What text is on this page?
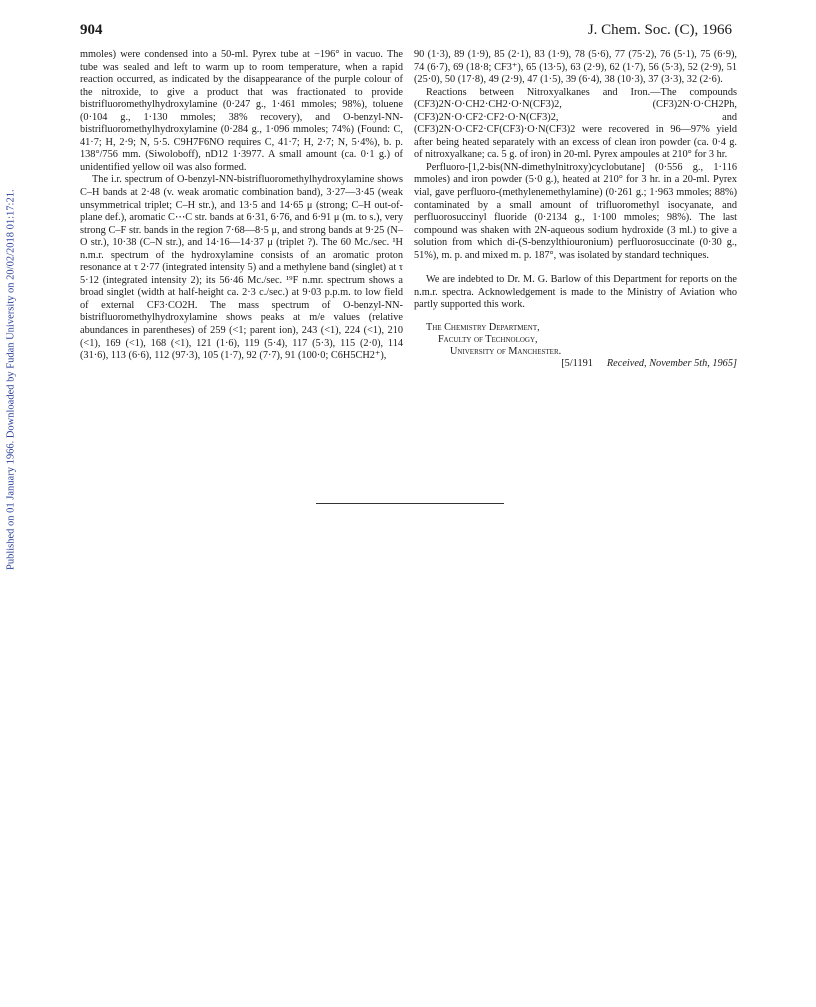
Published on 01 January 1966. Downloaded by Fudan University on 20/02/2018 01:17:21.
904	J. Chem. Soc. (C), 1966

mmoles) were condensed into a 50-ml. Pyrex tube at −196° in vacuo. The tube was sealed and left to warm up to room temperature, when a rapid reaction occurred, as indicated by the disappearance of the purple colour of the nitroxide, to give a product that was fractionated to provide bistrifluoromethylhydroxylamine (0·247 g., 1·461 mmoles; 98%), toluene (0·104 g., 1·130 mmoles; 38% recovery), and O-benzyl-NN-bistrifluoromethylhydroxylamine (0·284 g., 1·096 mmoles; 74%) (Found: C, 41·7; H, 2·9; N, 5·5. C9H7F6NO requires C, 41·7; H, 2·7; N, 5·4%), b. p. 138°/756 mm. (Siwoloboff), nD12 1·3977. A small amount (ca. 0·1 g.) of unidentified yellow oil was also formed.

The i.r. spectrum of O-benzyl-NN-bistrifluoromethylhydroxylamine shows C–H bands at 2·48 (v. weak aromatic combination band), 3·27—3·45 (weak unsymmetrical triplet; C–H str.), and 13·5 and 14·65 μ (strong; C–H out-of-plane def.), aromatic C⋯C str. bands at 6·31, 6·76, and 6·91 μ (m. to s.), very strong C–F str. bands in the region 7·68—8·5 μ, and strong bands at 9·25 (N–O str.), 10·38 (C–N str.), and 14·16—14·37 μ (triplet ?). The 60 Mc./sec. ¹H n.m.r. spectrum of the hydroxylamine consists of an aromatic proton resonance at τ 2·77 (integrated intensity 5) and a methylene band (singlet) at τ 5·12 (integrated intensity 2); its 56·46 Mc./sec. ¹⁹F n.mr. spectrum shows a broad singlet (width at half-height ca. 2·3 c./sec.) at 9·03 p.p.m. to low field of external CF3·CO2H. The mass spectrum of O-benzyl-NN-bistrifluoromethylhydroxylamine shows peaks at m/e values (relative abundances in parentheses) of 259 (<1; parent ion), 243 (<1), 224 (<1), 210 (<1), 169 (<1), 168 (<1), 121 (1·6), 119 (5·4), 117 (5·3), 115 (2·0), 114 (31·6), 113 (6·6), 112 (97·3), 105 (1·7), 92 (7·7), 91 (100·0; C6H5CH2⁺),

90 (1·3), 89 (1·9), 85 (2·1), 83 (1·9), 78 (5·6), 77 (75·2), 76 (5·1), 75 (6·9), 74 (6·7), 69 (18·8; CF3⁺), 65 (13·5), 63 (2·9), 62 (1·7), 56 (5·3), 52 (2·9), 51 (25·0), 50 (17·8), 49 (2·9), 47 (1·5), 39 (6·4), 38 (10·3), 37 (3·3), 32 (2·6).

Reactions between Nitroxyalkanes and Iron.—The compounds (CF3)2N·O·CH2·CH2·O·N(CF3)2, (CF3)2N·O·CH2Ph, (CF3)2N·O·CF2·CF2·O·N(CF3)2, and (CF3)2N·O·CF2·CF(CF3)·O·N(CF3)2 were recovered in 96—97% yield after being heated separately with an excess of clean iron powder (ca. 0·4 g. of nitroxyalkane; ca. 5 g. of iron) in 20-ml. Pyrex ampoules at 210° for 3 hr.

Perfluoro-[1,2-bis(NN-dimethylnitroxy)cyclobutane] (0·556 g., 1·116 mmoles) and iron powder (5·0 g.), heated at 210° for 3 hr. in a 20-ml. Pyrex vial, gave perfluoro-(methylenemethylamine) (0·261 g.; 1·963 mmoles; 88%) contaminated by a small amount of trifluoromethyl isocyanate, and perfluorosuccinyl fluoride (0·2134 g., 1·100 mmoles; 98%). The last compound was shaken with 2N-aqueous sodium hydroxide (3 ml.) to give a solution from which di-(S-benzylthiouronium) perfluorosuccinate (0·30 g., 51%), m. p. and mixed m. p. 187°, was isolated by standard techniques.

We are indebted to Dr. M. G. Barlow of this Department for reports on the n.m.r. spectra. Acknowledgement is made to the Ministry of Aviation who partly supported this work.

The Chemistry Department,
Faculty of Technology,
University of Manchester.
[5/1191 Received, November 5th, 1965]
